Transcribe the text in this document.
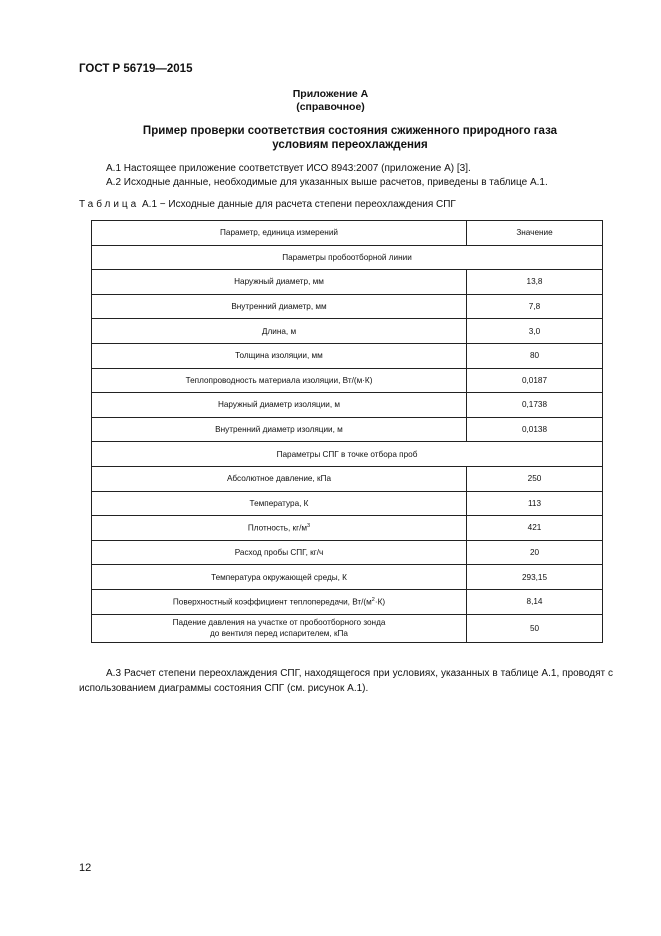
ГОСТ Р 56719—2015
Приложение А
(справочное)
Пример проверки соответствия состояния сжиженного природного газа
условиям переохлаждения
А.1 Настоящее приложение соответствует ИСО 8943:2007 (приложение А) [3].
А.2 Исходные данные, необходимые для указанных выше расчетов, приведены в таблице А.1.
Таблица А.1 − Исходные данные для расчета степени переохлаждения СПГ
Параметр, единица измерений	Значение
Параметры пробоотборной линии	
Наружный диаметр, мм	13,8
Внутренний диаметр, мм	7,8
Длина, м	3,0
Толщина изоляции, мм	80
Теплопроводность материала изоляции, Вт/(м·К)	0,0187
Наружный диаметр изоляции, м	0,1738
Внутренний диаметр изоляции, м	0,0138
Параметры СПГ в точке отбора проб	
Абсолютное давление, кПа	250
Температура, К	113
Плотность, $кг/м^3$	421
Расход пробы СПГ, кг/ч	20
Температура окружающей среды, К	293,15
Поверхностный коэффициент теплопередачи, $Вт/(м^2\cdot К)$	8,14

Падение давления на участке от пробоотборного зонда
до вентиля перед испарителем, кПа	50
А.3 Расчет степени переохлаждения СПГ, находящегося при условиях, указанных в таблице А.1, проводят с использованием диаграммы состояния СПГ (см. рисунок А.1).
12
